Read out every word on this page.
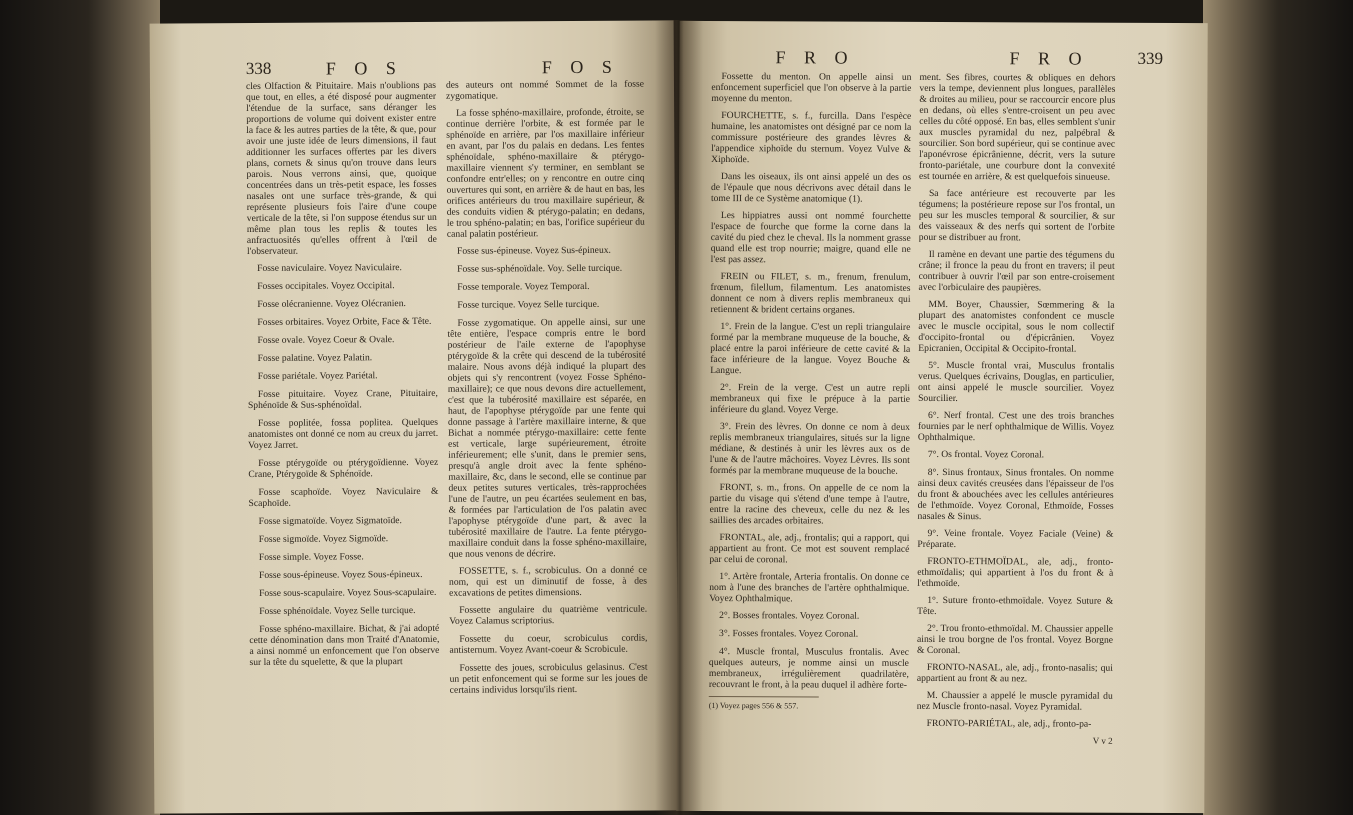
338	F O S	F O S

cles Olfaction & Pituitaire. Mais n'oublions pas que tout, en elles, a été disposé pour augmenter l'étendue de la surface, sans déranger les proportions de volume qui doivent exister entre la face & les autres parties de la tête, & que, pour avoir une juste idée de leurs dimensions, il faut additionner les surfaces offertes par les divers plans, cornets & sinus qu'on trouve dans leurs parois. Nous verrons ainsi, que, quoique concentrées dans un très-petit espace, les fosses nasales ont une surface très-grande, & qui représente plusieurs fois l'aire d'une coupe verticale de la tête, si l'on suppose étendus sur un même plan tous les replis & toutes les anfractuosités qu'elles offrent à l'œil de l'observateur.

Fosse naviculaire. Voyez Naviculaire.

Fosses occipitales. Voyez Occipital.

Fosse olécranienne. Voyez Olécranien.

Fosses orbitaires. Voyez Orbite, Face & Tête.

Fosse ovale. Voyez Coeur & Ovale.

Fosse palatine. Voyez Palatin.

Fosse pariétale. Voyez Pariétal.

Fosse pituitaire. Voyez Crane, Pituitaire, Sphénoïde & Sus-sphénoïdal.

Fosse poplitée, fossa poplitea. Quelques anatomistes ont donné ce nom au creux du jarret. Voyez Jarret.

Fosse ptérygoïde ou ptérygoïdienne. Voyez Crane, Ptérygoïde & Sphénoïde.

Fosse scaphoïde. Voyez Naviculaire & Scaphoïde.

Fosse sigmatoïde. Voyez Sigmatoïde.

Fosse sigmoïde. Voyez Sigmoïde.

Fosse simple. Voyez Fosse.

Fosse sous-épineuse. Voyez Sous-épineux.

Fosse sous-scapulaire. Voyez Sous-scapulaire.

Fosse sphénoïdale. Voyez Selle turcique.

Fosse sphéno-maxillaire. Bichat, & j'ai adopté cette dénomination dans mon Traité d'Anatomie, a ainsi nommé un enfoncement que l'on observe sur la tête du squelette, & que la plupart

des auteurs ont nommé Sommet de la fosse zygomatique.

La fosse sphéno-maxillaire, profonde, étroite, se continue derrière l'orbite, & est formée par le sphénoïde en arrière, par l'os maxillaire inférieur en avant, par l'os du palais en dedans. Les fentes sphénoïdale, sphéno-maxillaire & ptérygo-maxillaire viennent s'y terminer, en semblant se confondre entr'elles; on y rencontre en outre cinq ouvertures qui sont, en arrière & de haut en bas, les orifices antérieurs du trou maxillaire supérieur, & des conduits vidien & ptérygo-palatin; en dedans, le trou sphéno-palatin; en bas, l'orifice supérieur du canal palatin postérieur.

Fosse sus-épineuse. Voyez Sus-épineux.

Fosse sus-sphénoïdale. Voy. Selle turcique.

Fosse temporale. Voyez Temporal.

Fosse turcique. Voyez Selle turcique.

Fosse zygomatique. On appelle ainsi, sur une tête entière, l'espace compris entre le bord postérieur de l'aile externe de l'apophyse ptérygoïde & la crête qui descend de la tubérosité malaire. Nous avons déjà indiqué la plupart des objets qui s'y rencontrent (voyez Fosse Sphéno-maxillaire); ce que nous devons dire actuellement, c'est que la tubérosité maxillaire est séparée, en haut, de l'apophyse ptérygoïde par une fente qui donne passage à l'artère maxillaire interne, & que Bichat a nommée ptérygo-maxillaire: cette fente est verticale, large supérieurement, étroite inférieurement; elle s'unit, dans le premier sens, presqu'à angle droit avec la fente sphéno-maxillaire, &c, dans le second, elle se continue par deux petites sutures verticales, très-rapprochées l'une de l'autre, un peu écartées seulement en bas, & formées par l'articulation de l'os palatin avec l'apophyse ptérygoïde d'une part, & avec la tubérosité maxillaire de l'autre. La fente ptérygo-maxillaire conduit dans la fosse sphéno-maxillaire, que nous venons de décrire.

FOSSETTE, s. f., scrobiculus. On a donné ce nom, qui est un diminutif de fosse, à des excavations de petites dimensions.

Fossette angulaire du quatrième ventricule. Voyez Calamus scriptorius.

Fossette du coeur, scrobiculus cordis, antisternum. Voyez Avant-coeur & Scrobicule.

Fossette des joues, scrobiculus gelasinus. C'est un petit enfoncement qui se forme sur les joues de certains individus lorsqu'ils rient.

F R O	F R O	339

Fossette du menton. On appelle ainsi un enfoncement superficiel que l'on observe à la partie moyenne du menton.

FOURCHETTE, s. f., furcilla. Dans l'espèce humaine, les anatomistes ont désigné par ce nom la commissure postérieure des grandes lèvres & l'appendice xiphoïde du sternum. Voyez Vulve & Xiphoïde.

Dans les oiseaux, ils ont ainsi appelé un des os de l'épaule que nous décrivons avec détail dans le tome III de ce Système anatomique (1).

Les hippiatres aussi ont nommé fourchette l'espace de fourche que forme la corne dans la cavité du pied chez le cheval. Ils la nomment grasse quand elle est trop nourrie; maigre, quand elle ne l'est pas assez.

FREIN ou FILET, s. m., frenum, frenulum, frœnum, filellum, filamentum. Les anatomistes donnent ce nom à divers replis membraneux qui retiennent & brident certains organes.

1°. Frein de la langue. C'est un repli triangulaire formé par la membrane muqueuse de la bouche, & placé entre la paroi inférieure de cette cavité & la face inférieure de la langue. Voyez Bouche & Langue.

2°. Frein de la verge. C'est un autre repli membraneux qui fixe le prépuce à la partie inférieure du gland. Voyez Verge.

3°. Frein des lèvres. On donne ce nom à deux replis membraneux triangulaires, situés sur la ligne médiane, & destinés à unir les lèvres aux os de l'une & de l'autre mâchoires. Voyez Lèvres. Ils sont formés par la membrane muqueuse de la bouche.

FRONT, s. m., frons. On appelle de ce nom la partie du visage qui s'étend d'une tempe à l'autre, entre la racine des cheveux, celle du nez & les saillies des arcades orbitaires.

FRONTAL, ale, adj., frontalis; qui a rapport, qui appartient au front. Ce mot est souvent remplacé par celui de coronal.

1°. Artère frontale, Arteria frontalis. On donne ce nom à l'une des branches de l'artère ophthalmique. Voyez Ophthalmique.

2°. Bosses frontales. Voyez Coronal.

3°. Fosses frontales. Voyez Coronal.

4°. Muscle frontal, Musculus frontalis. Avec quelques auteurs, je nomme ainsi un muscle membraneux, irrégulièrement quadrilatère, recouvrant le front, à la peau duquel il adhère forte-

(1) Voyez pages 556 & 557.

ment. Ses fibres, courtes & obliques en dehors vers la tempe, deviennent plus longues, parallèles & droites au milieu, pour se raccourcir encore plus en dedans, où elles s'entre-croisent un peu avec celles du côté opposé. En bas, elles semblent s'unir aux muscles pyramidal du nez, palpébral & sourcilier. Son bord supérieur, qui se continue avec l'aponévrose épicrânienne, décrit, vers la suture fronto-pariétale, une courbure dont la convexité est tournée en arrière, & est quelquefois sinueuse.

Sa face antérieure est recouverte par les tégumens; la postérieure repose sur l'os frontal, un peu sur les muscles temporal & sourcilier, & sur des vaisseaux & des nerfs qui sortent de l'orbite pour se distribuer au front.

Il ramène en devant une partie des tégumens du crâne; il fronce la peau du front en travers; il peut contribuer à ouvrir l'œil par son entre-croisement avec l'orbiculaire des paupières.

MM. Boyer, Chaussier, Sœmmering & la plupart des anatomistes confondent ce muscle avec le muscle occipital, sous le nom collectif d'occipito-frontal ou d'épicrânien. Voyez Epicranien, Occipital & Occipito-frontal.

5°. Muscle frontal vrai, Musculus frontalis verus. Quelques écrivains, Douglas, en particulier, ont ainsi appelé le muscle sourcilier. Voyez Sourcilier.

6°. Nerf frontal. C'est une des trois branches fournies par le nerf ophthalmique de Willis. Voyez Ophthalmique.

7°. Os frontal. Voyez Coronal.

8°. Sinus frontaux, Sinus frontales. On nomme ainsi deux cavités creusées dans l'épaisseur de l'os du front & abouchées avec les cellules antérieures de l'ethmoïde. Voyez Coronal, Ethmoïde, Fosses nasales & Sinus.

9°. Veine frontale. Voyez Faciale (Veine) & Préparate.

FRONTO-ETHMOÏDAL, ale, adj., fronto-ethmoïdalis; qui appartient à l'os du front & à l'ethmoïde.

1°. Suture fronto-ethmoïdale. Voyez Suture & Tête.

2°. Trou fronto-ethmoïdal. M. Chaussier appelle ainsi le trou borgne de l'os frontal. Voyez Borgne & Coronal.

FRONTO-NASAL, ale, adj., fronto-nasalis; qui appartient au front & au nez.

M. Chaussier a appelé le muscle pyramidal du nez Muscle fronto-nasal. Voyez Pyramidal.

FRONTO-PARIÉTAL, ale, adj., fronto-pa-

V v 2
